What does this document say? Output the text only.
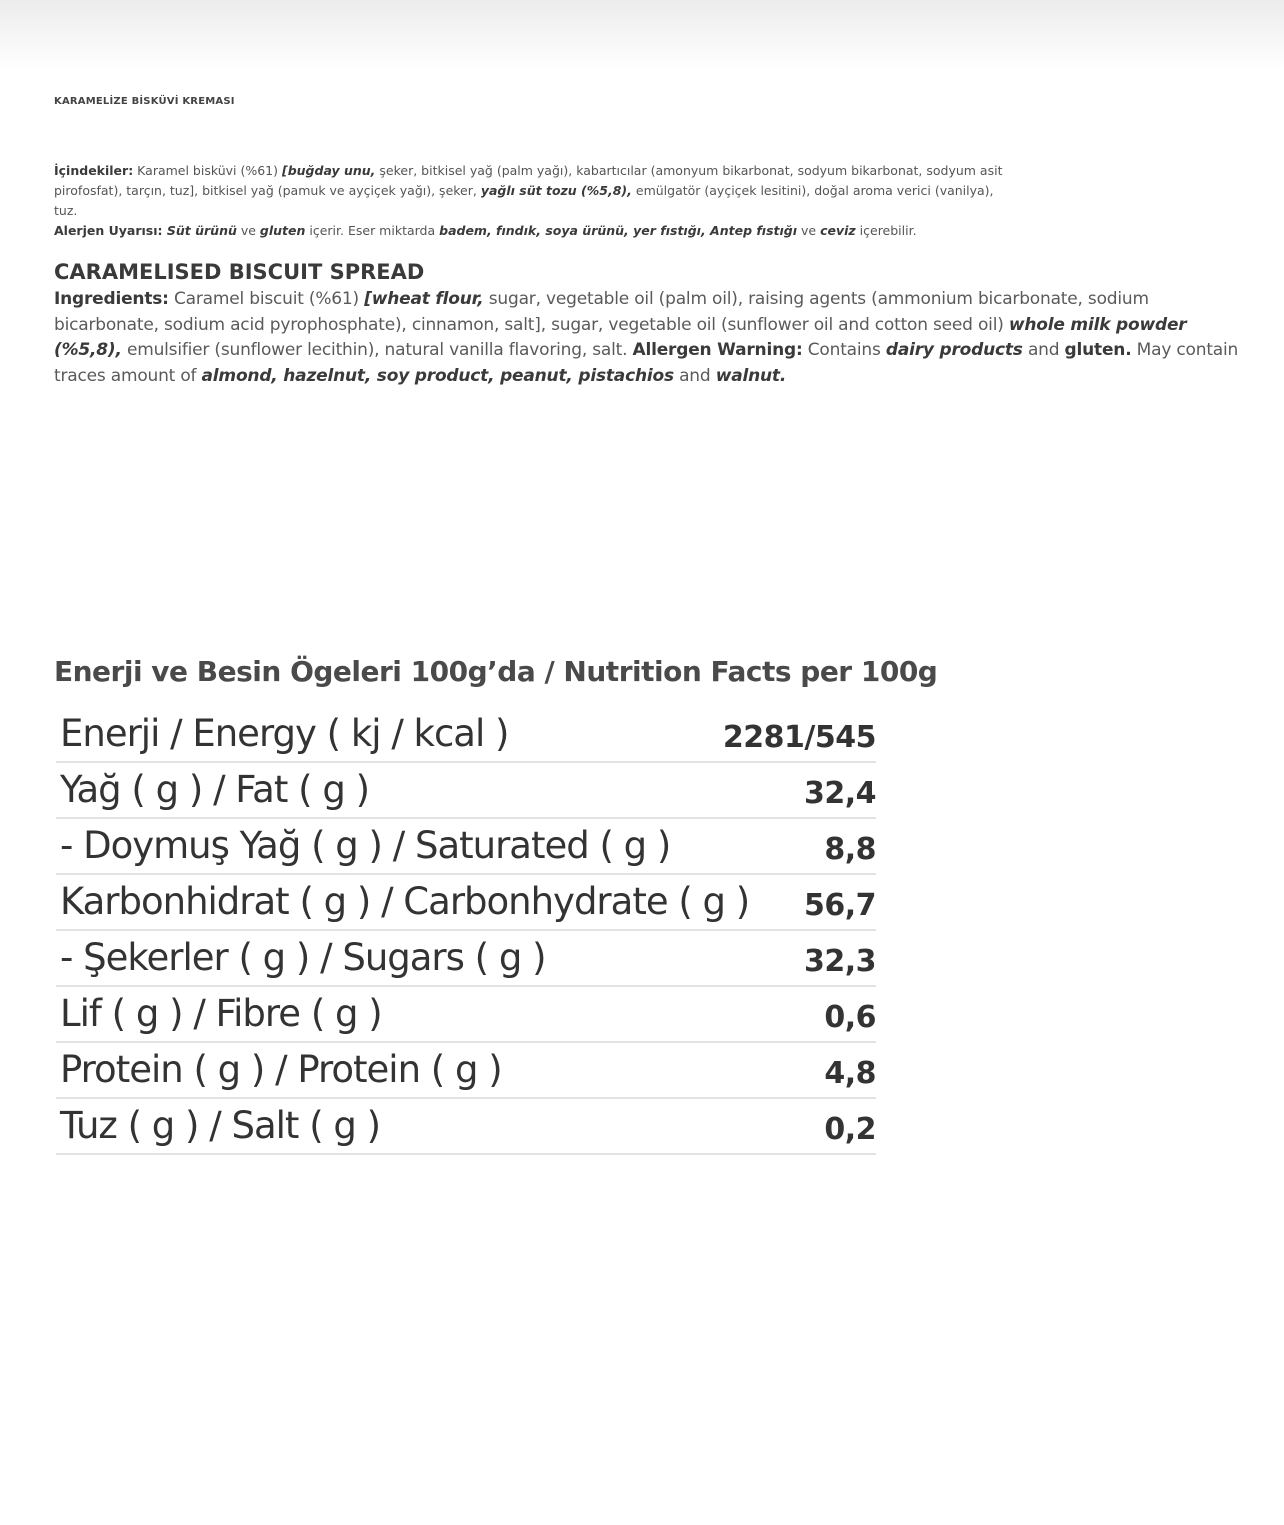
KARAMELİZE BİSKÜVİ KREMASI

İçindekiler: Karamel bisküvi (%61) [buğday unu, şeker, bitkisel yağ (palm yağı), kabartıcılar (amonyum bikarbonat, sodyum bikarbonat, sodyum asit pirofosfat), tarçın, tuz], bitkisel yağ (pamuk ve ayçiçek yağı), şeker, yağlı süt tozu (%5,8), emülgatör (ayçiçek lesitini), doğal aroma verici (vanilya), tuz.

Alerjen Uyarısı: Süt ürünü ve gluten içerir. Eser miktarda badem, fındık, soya ürünü, yer fıstığı, Antep fıstığı ve ceviz içerebilir.

CARAMELISED BISCUIT SPREAD

Ingredients: Caramel biscuit (%61) [wheat flour, sugar, vegetable oil (palm oil), raising agents (ammonium bicarbonate, sodium bicarbonate, sodium acid pyrophosphate), cinnamon, salt], sugar, vegetable oil (sunflower oil and cotton seed oil) whole milk powder (%5,8), emulsifier (sunflower lecithin), natural vanilla flavoring, salt. Allergen Warning: Contains dairy products and gluten. May contain traces amount of almond, hazelnut, soy product, peanut, pistachios and walnut.

Enerji ve Besin Ögeleri 100g’da / Nutrition Facts per 100g
Enerji / Energy ( kj / kcal )	2281/545
Yağ ( g ) / Fat ( g )	32,4
- Doymuş Yağ ( g ) / Saturated ( g )	8,8
Karbonhidrat ( g ) / Carbonhydrate ( g ) 56,7
- Şekerler ( g ) / Sugars ( g )	32,3
Lif ( g ) / Fibre ( g )	0,6
Protein ( g ) / Protein ( g )	4,8
Tuz ( g ) / Salt ( g )	0,2
